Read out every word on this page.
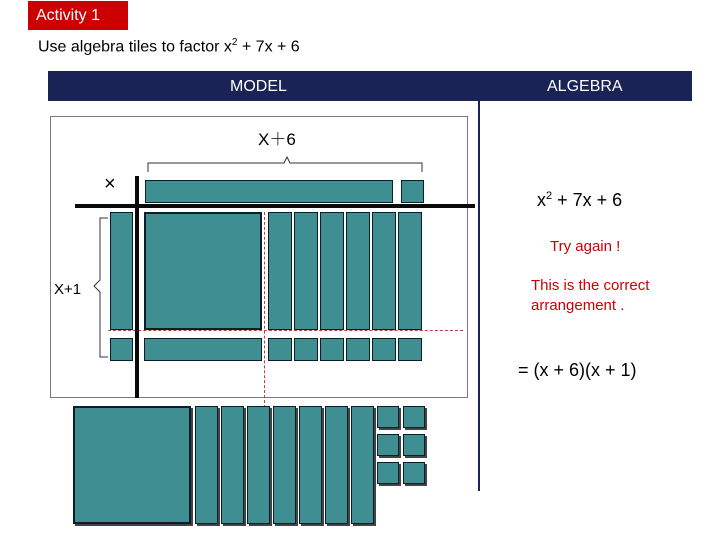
Activity 1
Use algebra tiles to factor $x^2 + 7x + 6$
MODEL	ALGEBRA
X＋6
×
X+1
$x^2 + 7x + 6$
Try again !
This is the correct
arrangement .
= (x + 6)(x + 1)
